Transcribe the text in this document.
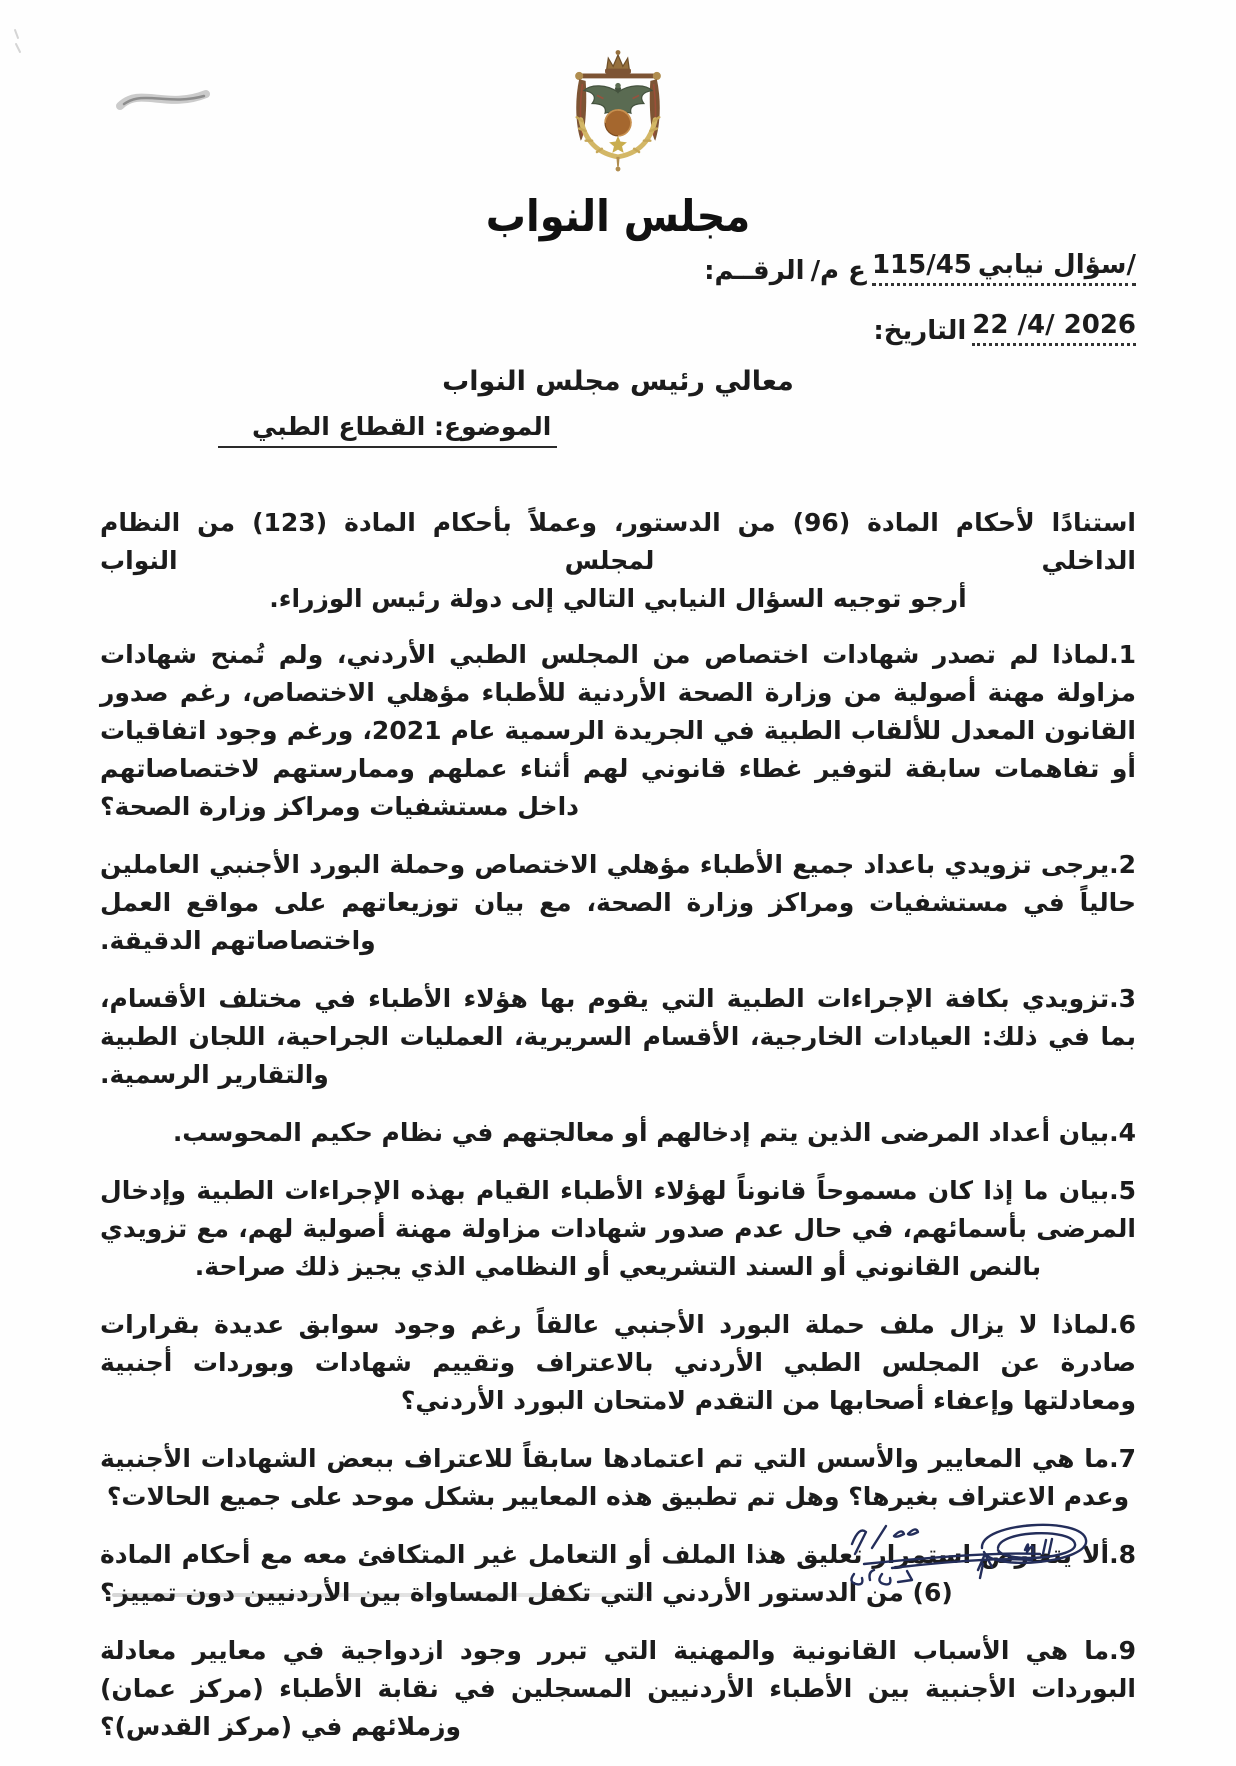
مجلس النواب
الرقــم: ع م/ 115/45 /سؤال نيابي
التاريخ: 22 /4/ 2026
معالي رئيس مجلس النواب
الموضوع: القطاع الطبي

استنادًا لأحكام المادة (96) من الدستور، وعملاً بأحكام المادة (123) من النظام الداخلي لمجلس النواب

أرجو توجيه السؤال النيابي التالي إلى دولة رئيس الوزراء.

1.لماذا لم تصدر شهادات اختصاص من المجلس الطبي الأردني، ولم تُمنح شهادات مزاولة مهنة أصولية من وزارة الصحة الأردنية للأطباء مؤهلي الاختصاص، رغم صدور القانون المعدل للألقاب الطبية في الجريدة الرسمية عام 2021، ورغم وجود اتفاقيات أو تفاهمات سابقة لتوفير غطاء قانوني لهم أثناء عملهم وممارستهم لاختصاصاتهم داخل مستشفيات ومراكز وزارة الصحة؟

2.يرجى تزويدي باعداد جميع الأطباء مؤهلي الاختصاص وحملة البورد الأجنبي العاملين حالياً في مستشفيات ومراكز وزارة الصحة، مع بيان توزيعاتهم على مواقع العمل واختصاصاتهم الدقيقة.

3.تزويدي بكافة الإجراءات الطبية التي يقوم بها هؤلاء الأطباء في مختلف الأقسام، بما في ذلك: العيادات الخارجية، الأقسام السريرية، العمليات الجراحية، اللجان الطبية والتقارير الرسمية.

4.بيان أعداد المرضى الذين يتم إدخالهم أو معالجتهم في نظام حكيم المحوسب.

5.بيان ما إذا كان مسموحاً قانوناً لهؤلاء الأطباء القيام بهذه الإجراءات الطبية وإدخال المرضى بأسمائهم، في حال عدم صدور شهادات مزاولة مهنة أصولية لهم، مع تزويدي بالنص القانوني أو السند التشريعي أو النظامي الذي يجيز ذلك صراحة.

6.لماذا لا يزال ملف حملة البورد الأجنبي عالقاً رغم وجود سوابق عديدة بقرارات صادرة عن المجلس الطبي الأردني بالاعتراف وتقييم شهادات وبوردات أجنبية ومعادلتها وإعفاء أصحابها من التقدم لامتحان البورد الأردني؟

7.ما هي المعايير والأسس التي تم اعتمادها سابقاً للاعتراف ببعض الشهادات الأجنبية وعدم الاعتراف بغيرها؟ وهل تم تطبيق هذه المعايير بشكل موحد على جميع الحالات؟

8.ألا يتعارض استمرار تعليق هذا الملف أو التعامل غير المتكافئ معه مع أحكام المادة (6) من الدستور الأردني التي تكفل المساواة بين الأردنيين دون تمييز؟

9.ما هي الأسباب القانونية والمهنية التي تبرر وجود ازدواجية في معايير معادلة البوردات الأجنبية بين الأطباء الأردنيين المسجلين في نقابة الأطباء (مركز عمان) وزملائهم في (مركز القدس)؟
